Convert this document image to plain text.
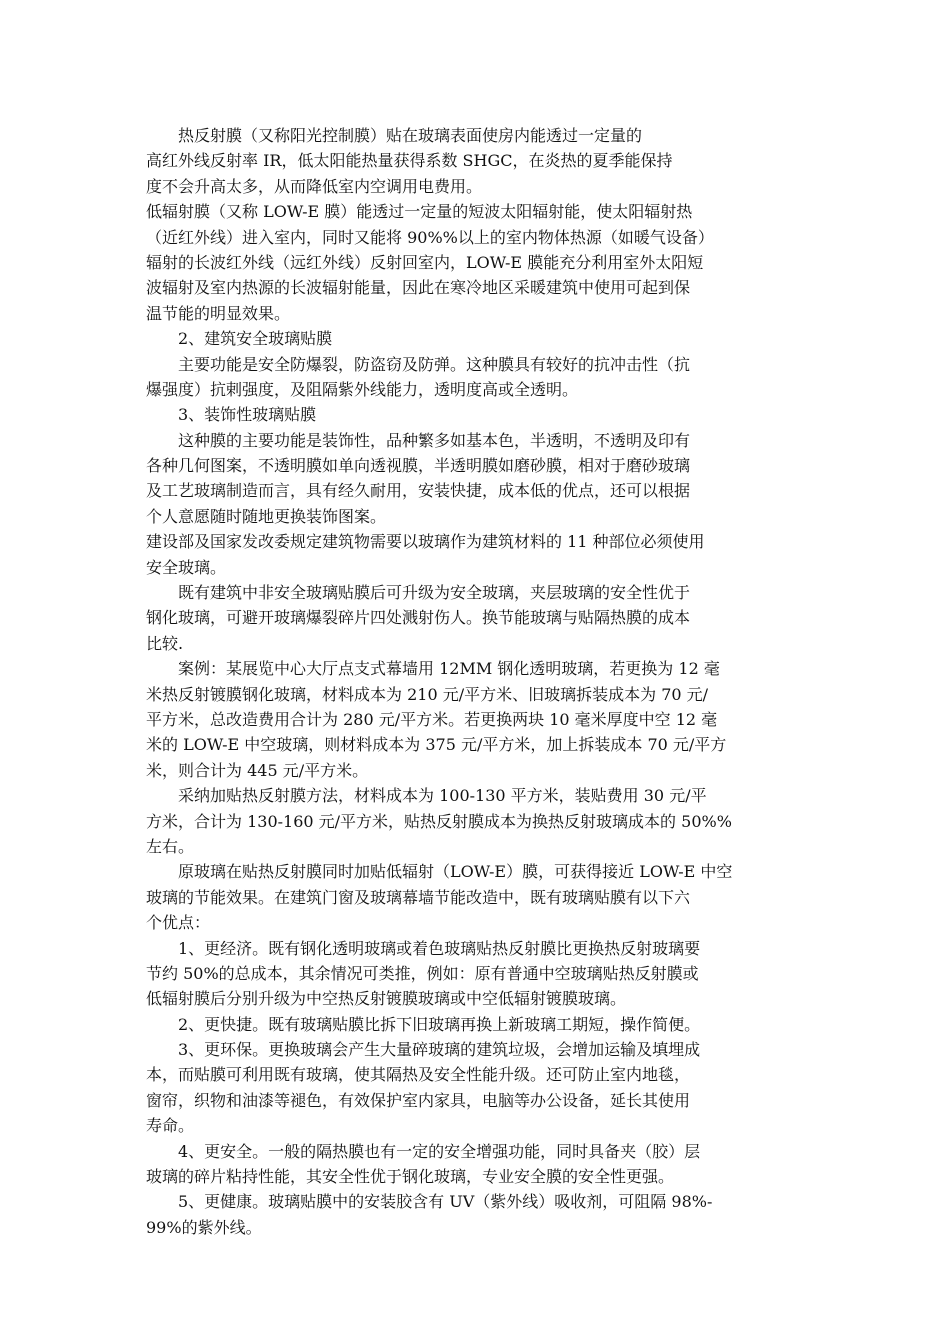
　　热反射膜（又称阳光控制膜）贴在玻璃表面使房内能透过一定量的
高红外线反射率 IR，低太阳能热量获得系数 SHGC，在炎热的夏季能保持
度不会升高太多，从而降低室内空调用电费用。
低辐射膜（又称 LOW-E 膜）能透过一定量的短波太阳辐射能，使太阳辐射热
（近红外线）进入室内，同时又能将 90%%以上的室内物体热源（如暖气设备）
辐射的长波红外线（远红外线）反射回室内，LOW-E 膜能充分利用室外太阳短
波辐射及室内热源的长波辐射能量，因此在寒冷地区采暖建筑中使用可起到保
温节能的明显效果。
　　2、建筑安全玻璃贴膜
　　主要功能是安全防爆裂，防盗窃及防弹。这种膜具有较好的抗冲击性（抗
爆强度）抗剌强度，及阻隔紫外线能力，透明度高或全透明。
　　3、装饰性玻璃贴膜
　　这种膜的主要功能是装饰性，品种繁多如基本色，半透明，不透明及印有
各种几何图案，不透明膜如单向透视膜，半透明膜如磨砂膜，相对于磨砂玻璃
及工艺玻璃制造而言，具有经久耐用，安装快捷，成本低的优点，还可以根据
个人意愿随时随地更换装饰图案。
建设部及国家发改委规定建筑物需要以玻璃作为建筑材料的 11 种部位必须使用
安全玻璃。
　　既有建筑中非安全玻璃贴膜后可升级为安全玻璃，夹层玻璃的安全性优于
钢化玻璃，可避开玻璃爆裂碎片四处溅射伤人。换节能玻璃与贴隔热膜的成本
比较.
　　案例：某展览中心大厅点支式幕墙用 12MM 钢化透明玻璃，若更换为 12 毫
米热反射镀膜钢化玻璃，材料成本为 210 元/平方米、旧玻璃拆装成本为 70 元/
平方米，总改造费用合计为 280 元/平方米。若更换两块 10 毫米厚度中空 12 毫
米的 LOW-E 中空玻璃，则材料成本为 375 元/平方米，加上拆装成本 70 元/平方
米，则合计为 445 元/平方米。
　　采纳加贴热反射膜方法，材料成本为 100-130 平方米，装贴费用 30 元/平
方米，合计为 130-160 元/平方米，贴热反射膜成本为换热反射玻璃成本的 50%%
左右。
　　原玻璃在贴热反射膜同时加贴低辐射（LOW-E）膜，可获得接近 LOW-E 中空
玻璃的节能效果。在建筑门窗及玻璃幕墙节能改造中，既有玻璃贴膜有以下六
个优点：
　　1、更经济。既有钢化透明玻璃或着色玻璃贴热反射膜比更换热反射玻璃要
节约 50%的总成本，其余情况可类推，例如：原有普通中空玻璃贴热反射膜或
低辐射膜后分别升级为中空热反射镀膜玻璃或中空低辐射镀膜玻璃。
　　2、更快捷。既有玻璃贴膜比拆下旧玻璃再换上新玻璃工期短，操作简便。
　　3、更环保。更换玻璃会产生大量碎玻璃的建筑垃圾，会增加运输及填埋成
本，而贴膜可利用既有玻璃，使其隔热及安全性能升级。还可防止室内地毯，
窗帘，织物和油漆等褪色，有效保护室内家具，电脑等办公设备，延长其使用
寿命。
　　4、更安全。一般的隔热膜也有一定的安全增强功能，同时具备夹（胶）层
玻璃的碎片粘持性能，其安全性优于钢化玻璃，专业安全膜的安全性更强。
　　5、更健康。玻璃贴膜中的安装胶含有 UV（紫外线）吸收剂，可阻隔 98%-
99%的紫外线。
